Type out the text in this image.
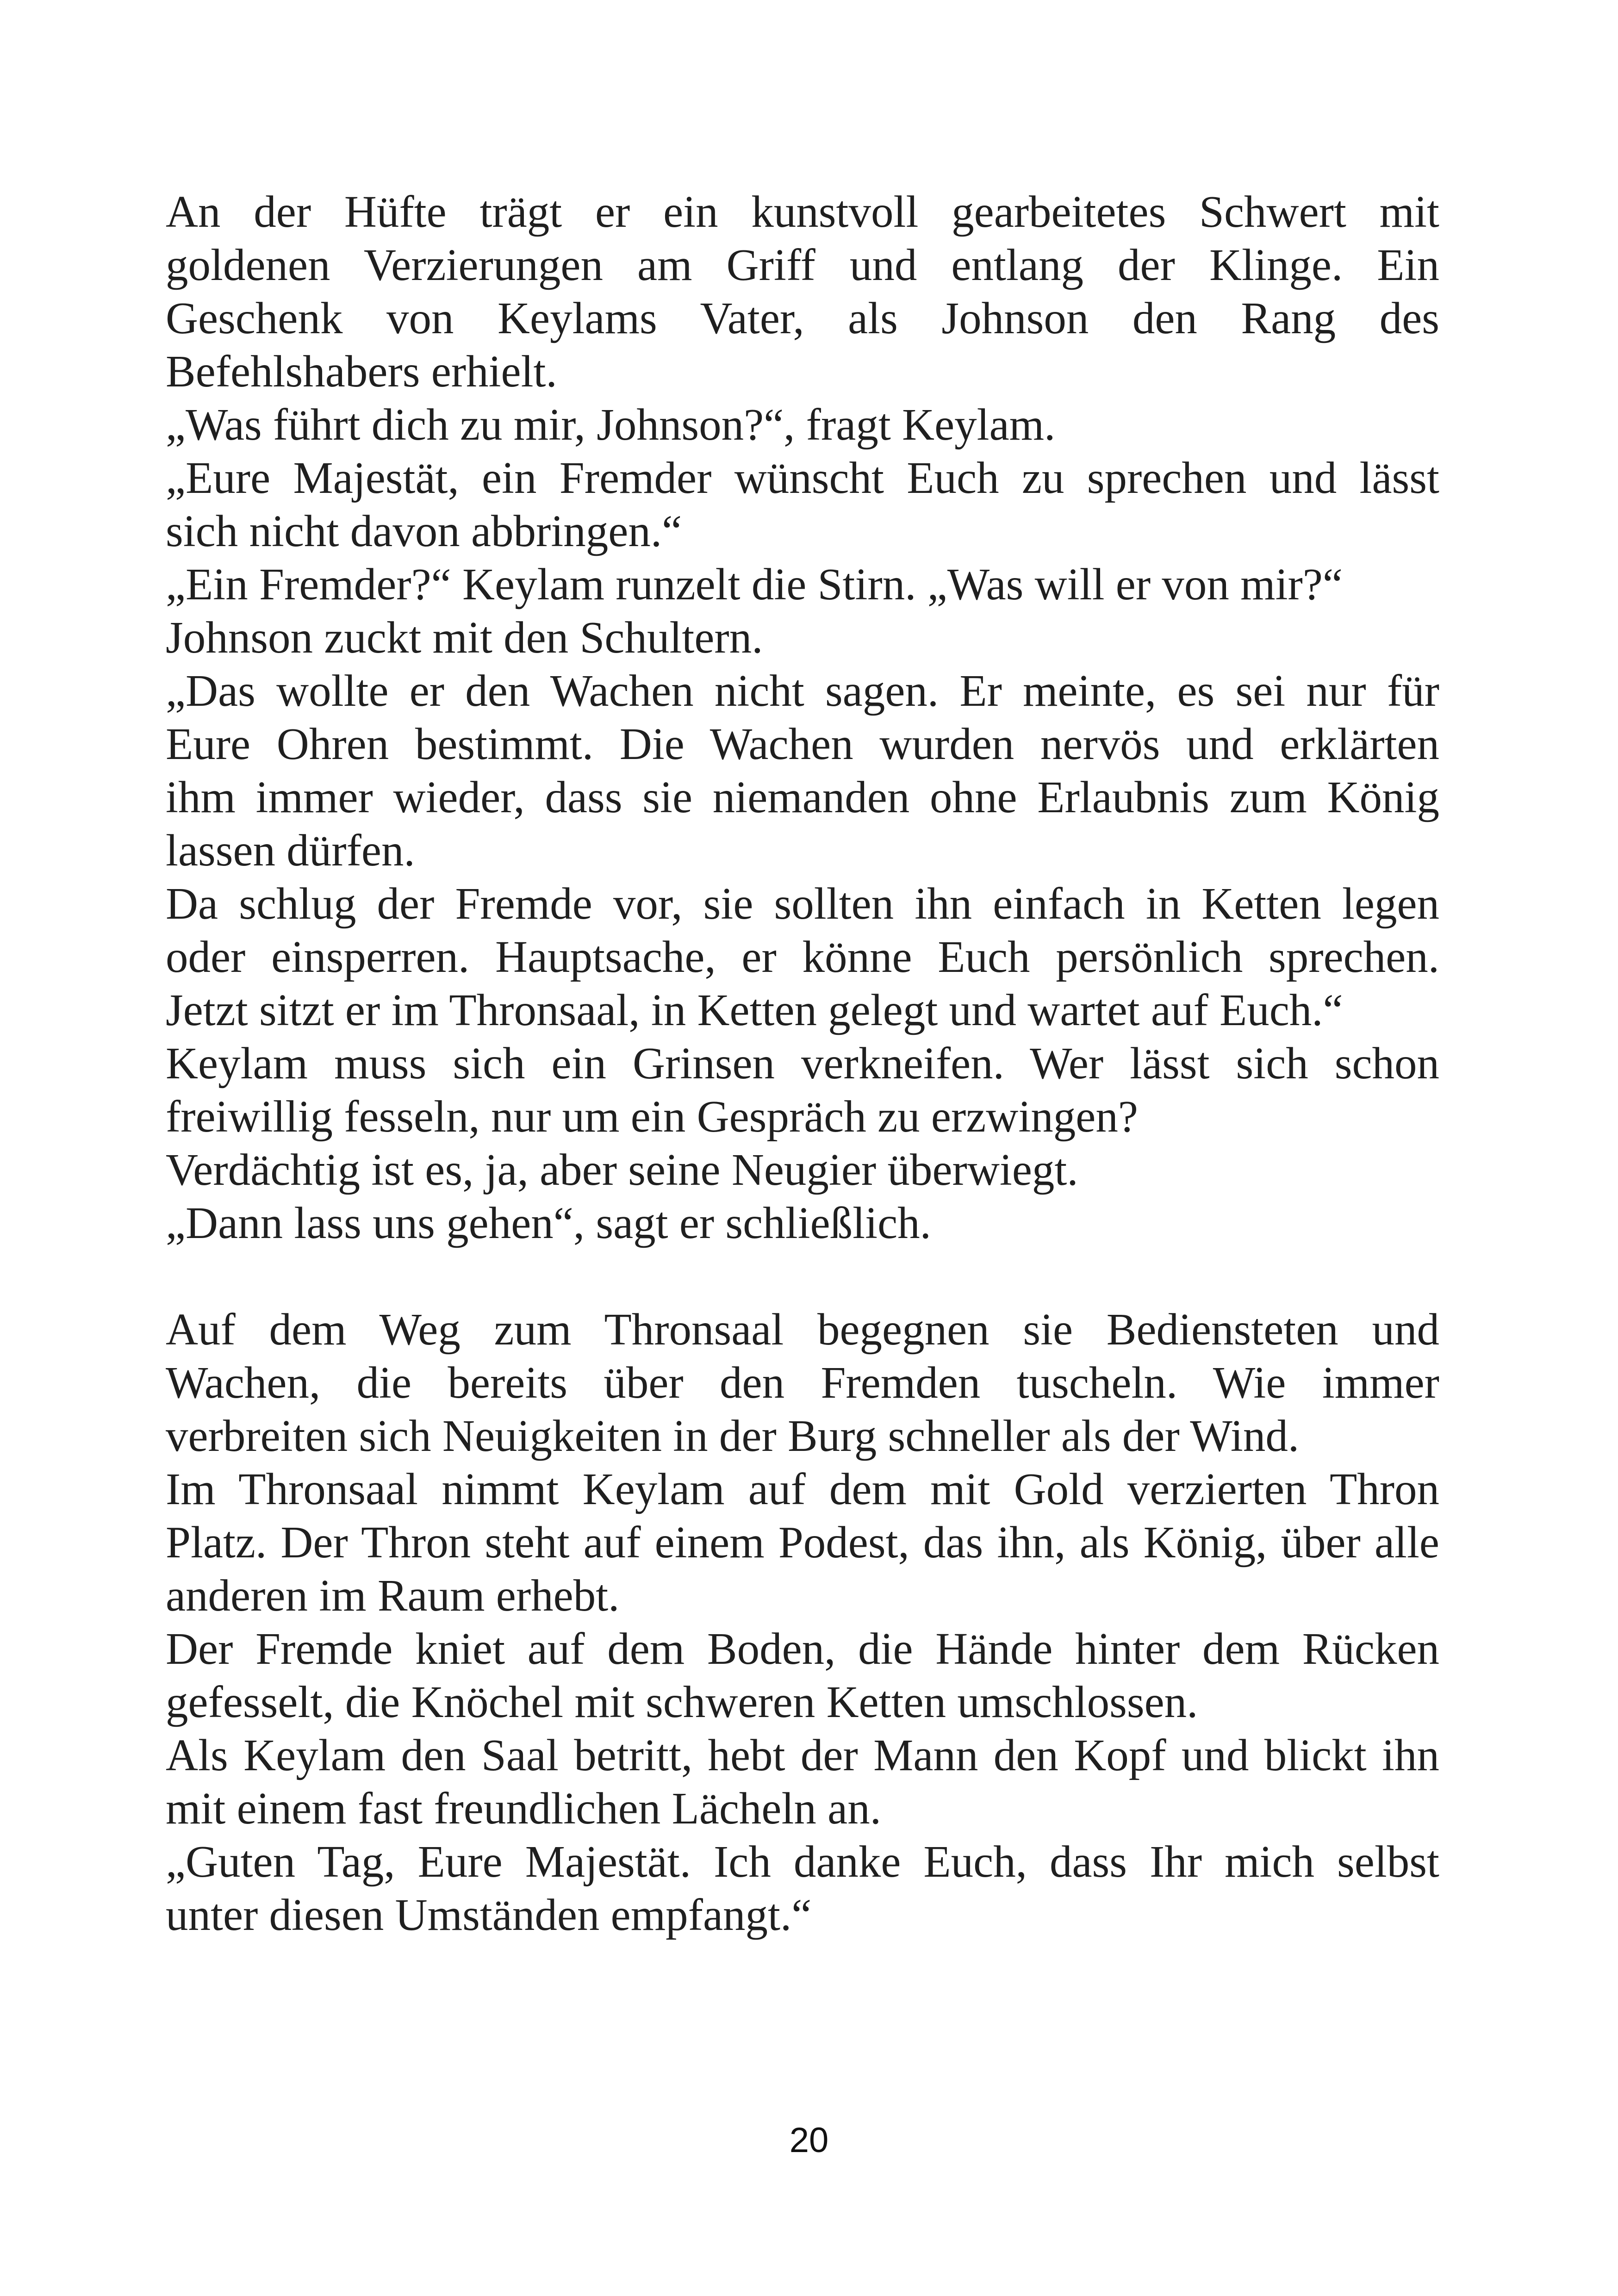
An der Hüfte trägt er ein kunstvoll gearbeitetes Schwert mit
goldenen Verzierungen am Griff und entlang der Klinge. Ein
Geschenk von Keylams Vater, als Johnson den Rang des
Befehlshabers erhielt.
„Was führt dich zu mir, Johnson?“, fragt Keylam.
„Eure Majestät, ein Fremder wünscht Euch zu sprechen und lässt
sich nicht davon abbringen.“
„Ein Fremder?“ Keylam runzelt die Stirn. „Was will er von mir?“
Johnson zuckt mit den Schultern.
„Das wollte er den Wachen nicht sagen. Er meinte, es sei nur für
Eure Ohren bestimmt. Die Wachen wurden nervös und erklärten
ihm immer wieder, dass sie niemanden ohne Erlaubnis zum König
lassen dürfen.
Da schlug der Fremde vor, sie sollten ihn einfach in Ketten legen
oder einsperren. Hauptsache, er könne Euch persönlich sprechen.
Jetzt sitzt er im Thronsaal, in Ketten gelegt und wartet auf Euch.“
Keylam muss sich ein Grinsen verkneifen. Wer lässt sich schon
freiwillig fesseln, nur um ein Gespräch zu erzwingen?
Verdächtig ist es, ja, aber seine Neugier überwiegt.
„Dann lass uns gehen“, sagt er schließlich.
Auf dem Weg zum Thronsaal begegnen sie Bediensteten und
Wachen, die bereits über den Fremden tuscheln. Wie immer
verbreiten sich Neuigkeiten in der Burg schneller als der Wind.
Im Thronsaal nimmt Keylam auf dem mit Gold verzierten Thron
Platz. Der Thron steht auf einem Podest, das ihn, als König, über alle
anderen im Raum erhebt.
Der Fremde kniet auf dem Boden, die Hände hinter dem Rücken
gefesselt, die Knöchel mit schweren Ketten umschlossen.
Als Keylam den Saal betritt, hebt der Mann den Kopf und blickt ihn
mit einem fast freundlichen Lächeln an.
„Guten Tag, Eure Majestät. Ich danke Euch, dass Ihr mich selbst
unter diesen Umständen empfangt.“
20
